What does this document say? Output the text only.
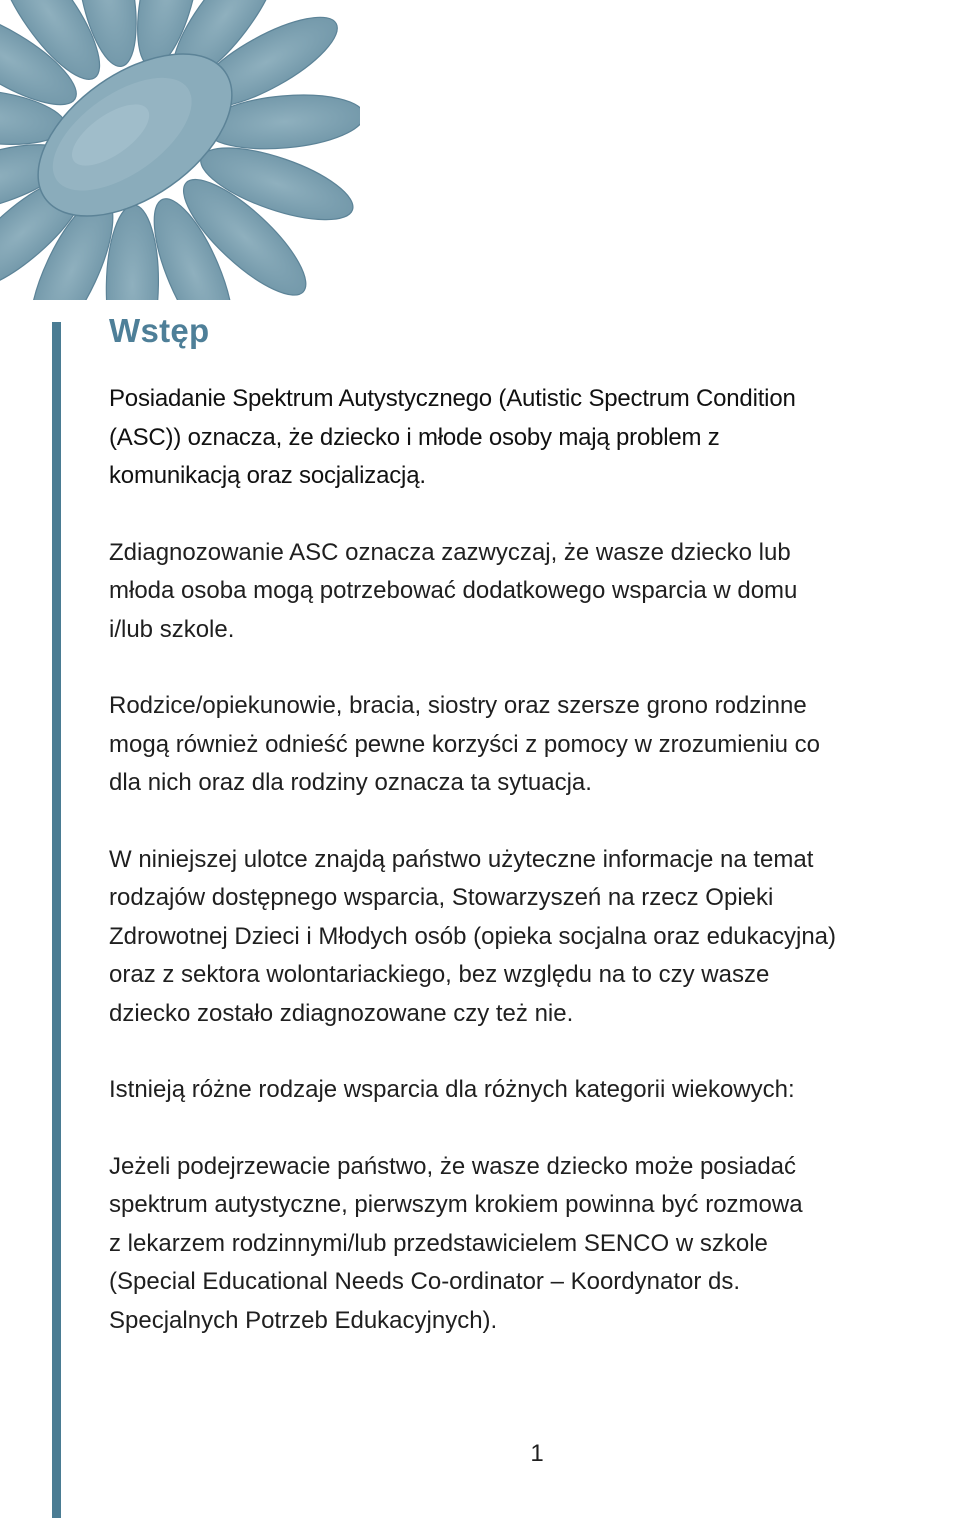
Wstęp

Posiadanie Spektrum Autystycznego (Autistic Spectrum Condition
(ASC)) oznacza, że dziecko i młode osoby mają problem z
komunikacją oraz socjalizacją.

Zdiagnozowanie ASC oznacza zazwyczaj, że wasze dziecko lub
młoda osoba mogą potrzebować dodatkowego wsparcia w domu
i/lub szkole.

Rodzice/opiekunowie, bracia, siostry oraz szersze grono rodzinne
mogą również odnieść pewne korzyści z pomocy w zrozumieniu co
dla nich oraz dla rodziny oznacza ta sytuacja.

W niniejszej ulotce znajdą państwo użyteczne informacje na temat
rodzajów dostępnego wsparcia, Stowarzyszeń na rzecz Opieki
Zdrowotnej Dzieci i Młodych osób (opieka socjalna oraz edukacyjna)
oraz z sektora wolontariackiego, bez względu na to czy wasze
dziecko zostało zdiagnozowane czy też nie.

Istnieją różne rodzaje wsparcia dla różnych kategorii wiekowych:

Jeżeli podejrzewacie państwo, że wasze dziecko może posiadać
spektrum autystyczne, pierwszym krokiem powinna być rozmowa
z lekarzem rodzinnymi/lub przedstawicielem SENCO w szkole
(Special Educational Needs Co-ordinator – Koordynator ds.
Specjalnych Potrzeb Edukacyjnych).

1
